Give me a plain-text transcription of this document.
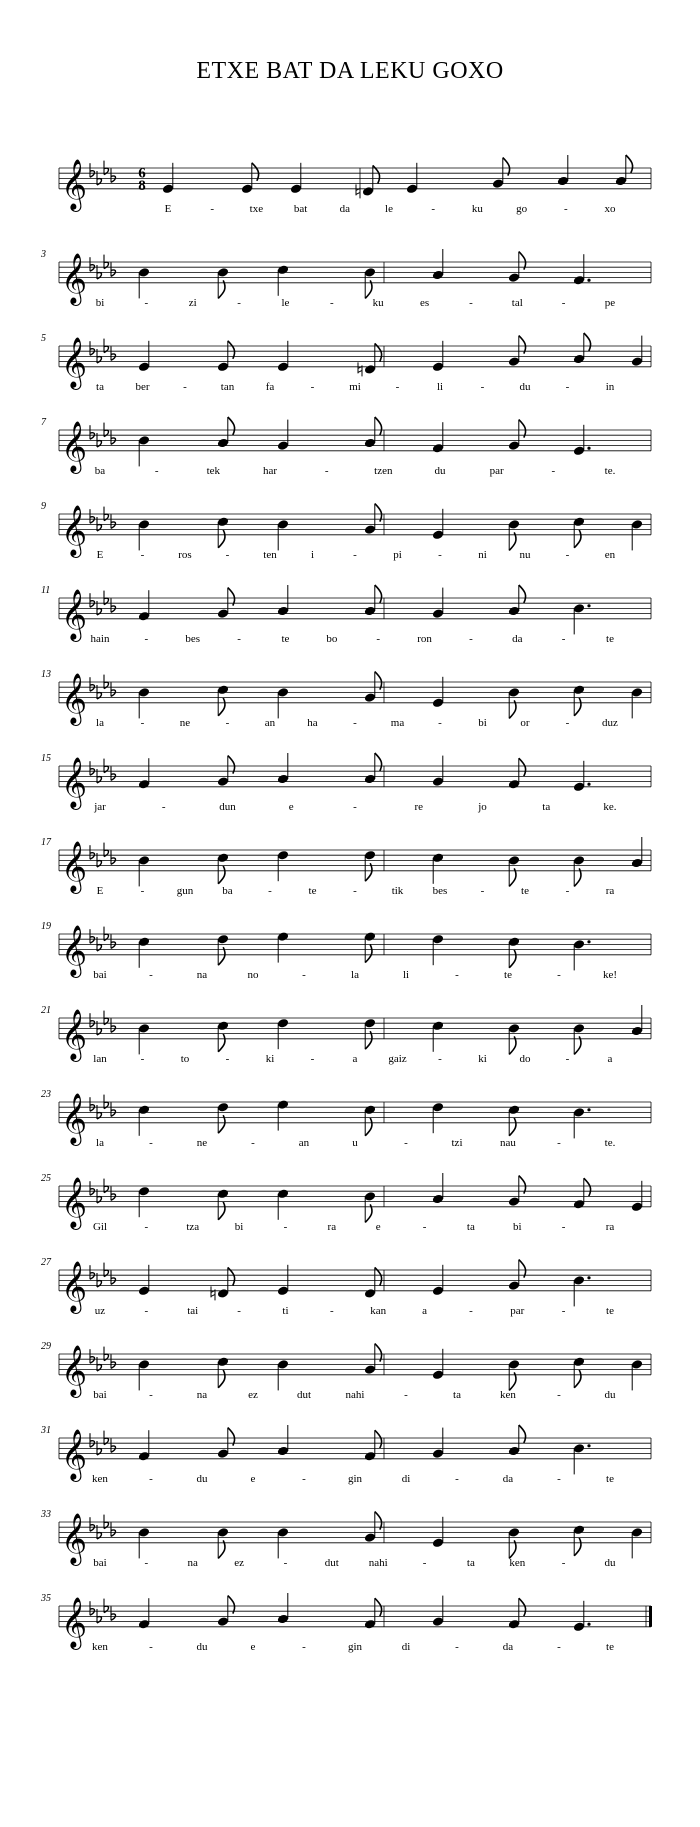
ETXE BAT DA LEKU GOXO
𝄞	6
8
E	-	txe	bat	da	le	-	ku	go	-	xo
𝄞
3
bi	-	zi	-	le	-	ku	es	-	tal	-	pe
𝄞
5
ta	ber	-	tan	fa	-	mi	-	li	-	du	-	in
𝄞
7
ba	-	tek	har	-	tzen	du	par	-	te.
𝄞
9
E	-	ros	-	ten	i	-	pi	-	ni	nu	-	en
𝄞
11
hain	-	bes	-	te	bo	-	ron	-	da	-	te
𝄞
13
la	-	ne	-	an	ha	-	ma	-	bi	or	-	duz
𝄞
15
jar	-	dun	e	-	re	jo	ta	ke.
𝄞
17
E	-	gun	ba	-	te	-	tik	bes	-	te	-	ra
𝄞
19
bai	-	na	no	-	la	li	-	te	-	ke!
𝄞
21
lan	-	to	-	ki	-	a	gaiz	-	ki	do	-	a
𝄞
23
la	-	ne	-	an	u	-	tzi	nau	-	te.
𝄞
25
Gil	-	tza	bi	-	ra	e	-	ta	bi	-	ra
𝄞
27
uz	-	tai	-	ti	-	kan	a	-	par	-	te
𝄞
29
bai	-	na	ez	dut	nahi	-	ta	ken	-	du
𝄞
31
ken	-	du	e	-	gin	di	-	da	-	te
𝄞
33
bai	-	na	ez	-	dut	nahi	-	ta	ken	-	du
𝄞
35
ken	-	du	e	-	gin	di	-	da	-	te
